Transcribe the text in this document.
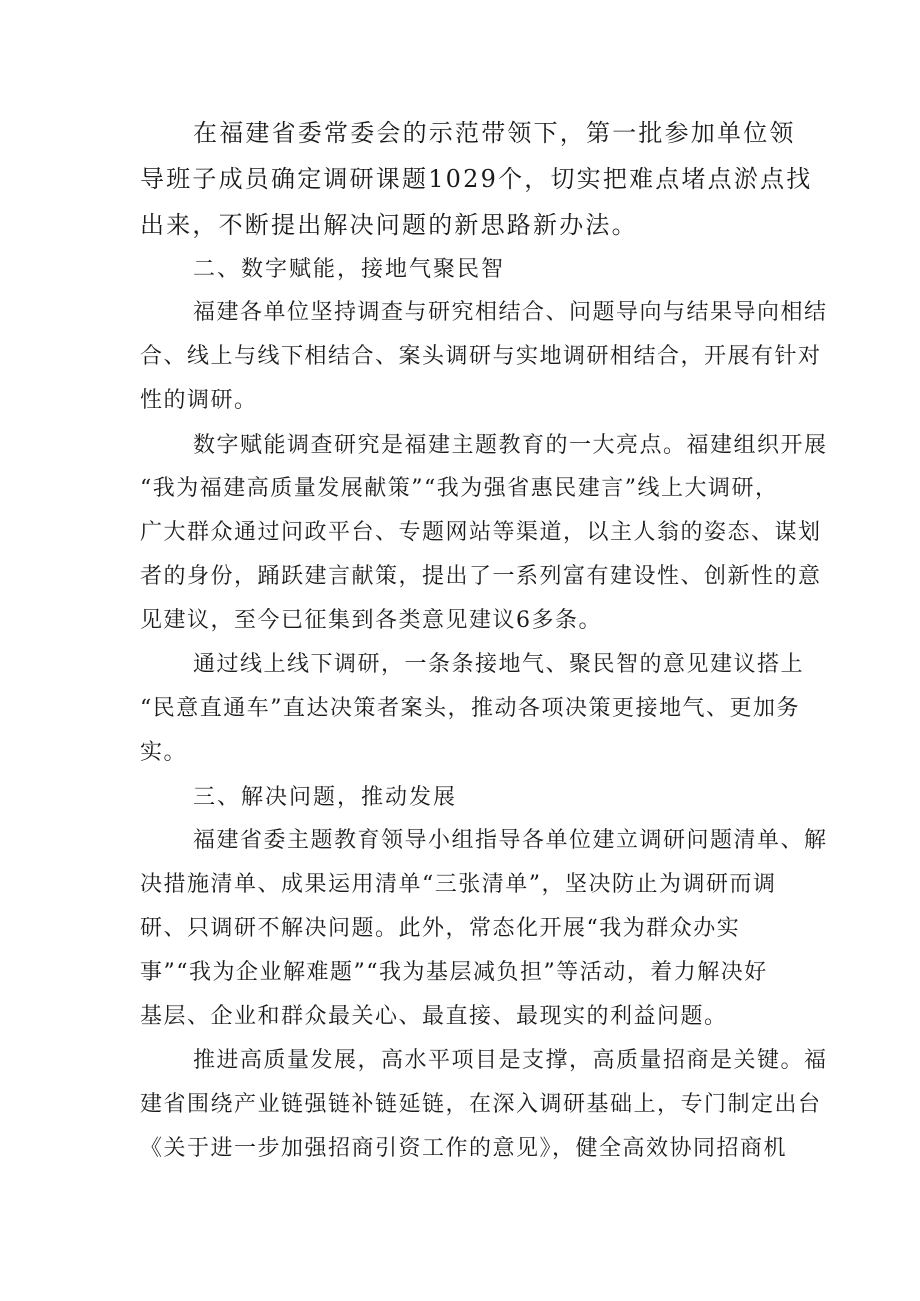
在福建省委常委会的示范带领下，第一批参加单位领
导班子成员确定调研课题1029个，切实把难点堵点淤点找
出来，不断提出解决问题的新思路新办法。
二、数字赋能，接地气聚民智
福建各单位坚持调查与研究相结合、问题导向与结果导向相结
合、线上与线下相结合、案头调研与实地调研相结合，开展有针对
性的调研。
数字赋能调查研究是福建主题教育的一大亮点。福建组织开展
“我为福建高质量发展献策”“我为强省惠民建言”线上大调研，
广大群众通过问政平台、专题网站等渠道，以主人翁的姿态、谋划
者的身份，踊跃建言献策，提出了一系列富有建设性、创新性的意
见建议，至今已征集到各类意见建议6多条。
通过线上线下调研，一条条接地气、聚民智的意见建议搭上
“民意直通车”直达决策者案头，推动各项决策更接地气、更加务
实。
三、解决问题，推动发展
福建省委主题教育领导小组指导各单位建立调研问题清单、解
决措施清单、成果运用清单“三张清单”，坚决防止为调研而调
研、只调研不解决问题。此外，常态化开展“我为群众办实
事”“我为企业解难题”“我为基层减负担”等活动，着力解决好
基层、企业和群众最关心、最直接、最现实的利益问题。
推进高质量发展，高水平项目是支撑，高质量招商是关键。福
建省围绕产业链强链补链延链，在深入调研基础上，专门制定出台
《关于进一步加强招商引资工作的意见》，健全高效协同招商机
